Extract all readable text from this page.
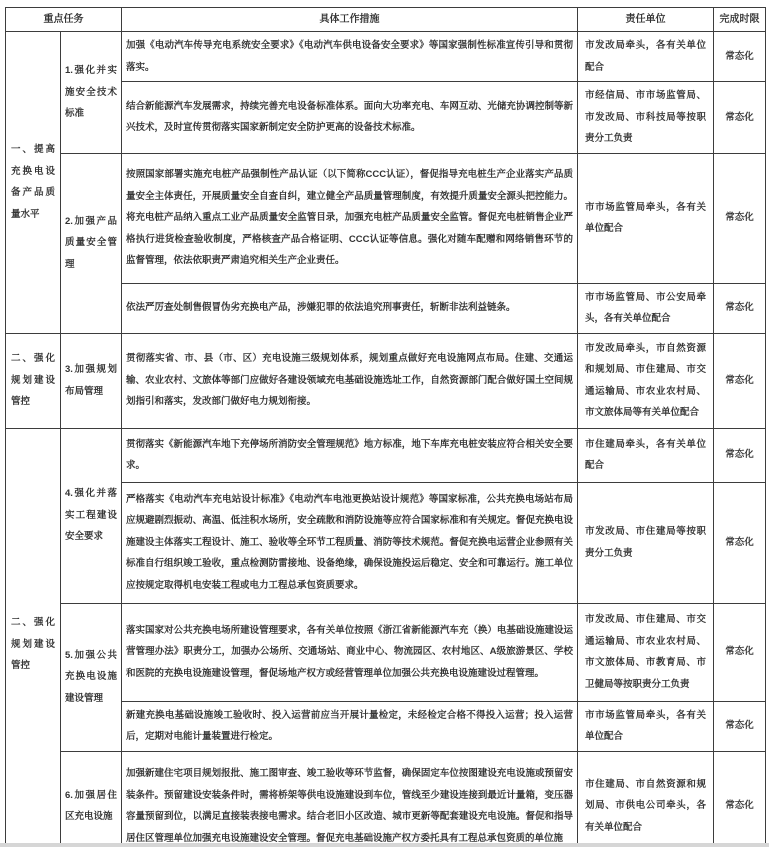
重点任务		具体工作措施	责任单位	完成时限
一、提高充换电设备产品质量水平	1.强化并实施安全技术标准	加强《电动汽车传导充电系统安全要求》《电动汽车供电设备安全要求》等国家强制性标准宣传引导和贯彻落实。	市发改局牵头，各有关单位配合	常态化
		结合新能源汽车发展需求，持续完善充电设备标准体系。面向大功率充电、车网互动、光储充协调控制等新兴技术，及时宣传贯彻落实国家新制定安全防护更高的设备技术标准。	市经信局、市市场监管局、市发改局、市科技局等按职责分工负责	常态化
	2.加强产品质量安全管理	按照国家部署实施充电桩产品强制性产品认证（以下简称CCC认证），督促指导充电桩生产企业落实产品质量安全主体责任，开展质量安全自查自纠，建立健全产品质量管理制度，有效提升质量安全源头把控能力。将充电桩产品纳入重点工业产品质量安全监管目录，加强充电桩产品质量安全监管。督促充电桩销售企业严格执行进货检查验收制度，严格核查产品合格证明、CCC认证等信息。强化对随车配赠和网络销售环节的监督管理，依法依职责严肃追究相关生产企业责任。	市市场监管局牵头，各有关单位配合	常态化
		依法严厉查处制售假冒伪劣充换电产品，涉嫌犯罪的依法追究刑事责任，斩断非法利益链条。	市市场监管局、市公安局牵头，各有关单位配合	常态化
二、强化规划建设管控	3.加强规划布局管理	贯彻落实省、市、县（市、区）充电设施三级规划体系，规划重点做好充电设施网点布局。住建、交通运输、农业农村、文旅体等部门应做好各建设领域充电基础设施选址工作，自然资源部门配合做好国土空间规划指引和落实，发改部门做好电力规划衔接。	市发改局牵头，市自然资源和规划局、市住建局、市交通运输局、市农业农村局、市文旅体局等有关单位配合	常态化
二、强化规划建设管控	4.强化并落实工程建设安全要求	贯彻落实《新能源汽车地下充停场所消防安全管理规范》地方标准，地下车库充电桩安装应符合相关安全要求。	市住建局牵头，各有关单位配合	常态化
		严格落实《电动汽车充电站设计标准》《电动汽车电池更换站设计规范》等国家标准，公共充换电场站布局应规避剧烈振动、高温、低洼积水场所，安全疏散和消防设施等应符合国家标准和有关规定。督促充换电设施建设主体落实工程设计、施工、验收等全环节工程质量、消防等技术规范。督促充换电运营企业参照有关标准自行组织竣工验收，重点检测防雷接地、设备绝缘，确保设施投运后稳定、安全和可靠运行。施工单位应按规定取得机电安装工程或电力工程总承包资质要求。	市发改局、市住建局等按职责分工负责	常态化
	5.加强公共充换电设施建设管理	落实国家对公共充换电场所建设管理要求，各有关单位按照《浙江省新能源汽车充（换）电基础设施建设运营管理办法》职责分工，加强办公场所、交通场站、商业中心、物流园区、农村地区、A级旅游景区、学校和医院的充换电设施建设管理，督促场地产权方或经营管理单位加强公共充换电设施建设过程管理。	市发改局、市住建局、市交通运输局、市农业农村局、市文旅体局、市教育局、市卫健局等按职责分工负责	常态化
		新建充换电基础设施竣工验收时、投入运营前应当开展计量检定，未经检定合格不得投入运营；投入运营后，定期对电能计量装置进行检定。	市市场监管局牵头，各有关单位配合	常态化
	6.加强居住区充电设施	加强新建住宅项目规划报批、施工图审查、竣工验收等环节监督，确保固定车位按图建设充电设施或预留安装条件。预留建设安装条件时，需将桥架等供电设施建设到车位，管线至少建设连接到最近计量箱，变压器容量预留到位，以满足直接装表接电需求。结合老旧小区改造、城市更新等配套建设充电设施。督促和指导居住区管理单位加强充电设施建设安全管理。督促充电基础设施产权方委托具有工程总承包资质的单位施	市住建局、市自然资源和规划局、市供电公司牵头，各有关单位配合	常态化
